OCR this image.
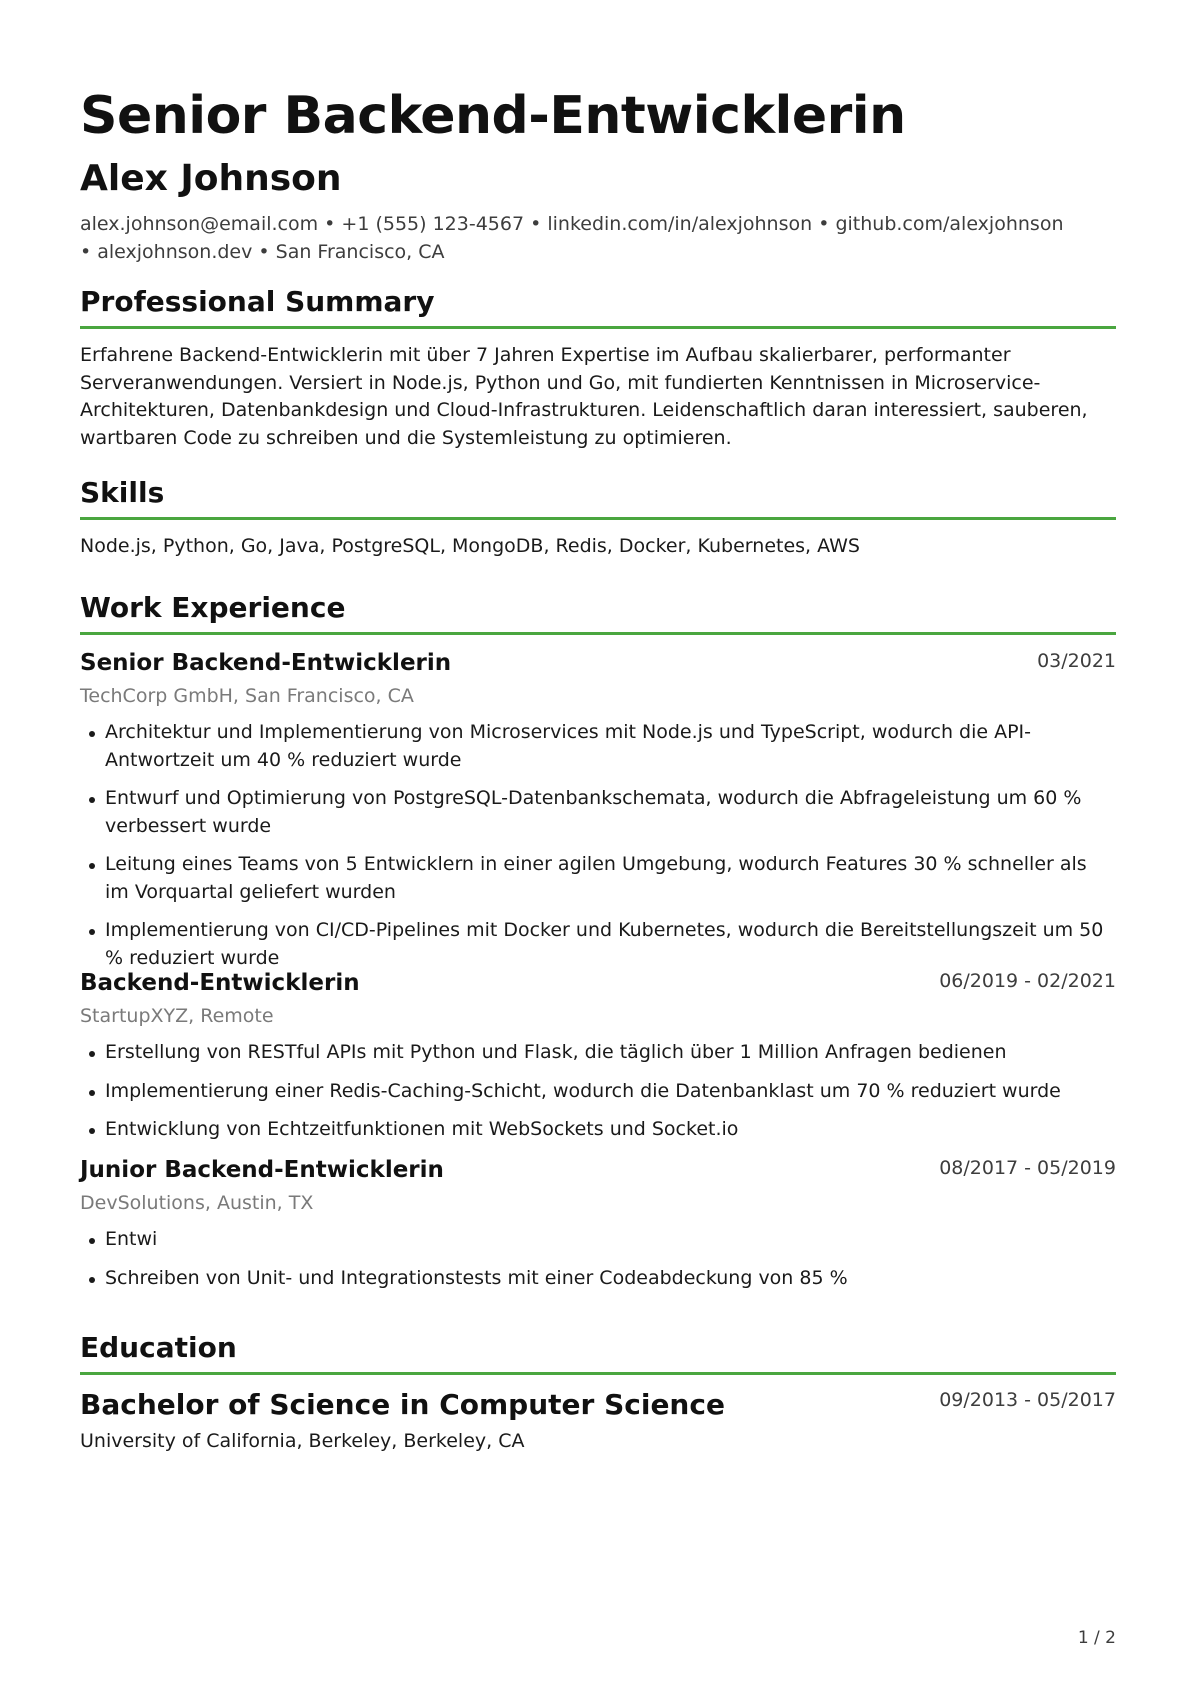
Senior Backend-Entwicklerin
Alex Johnson

alex.johnson@email.com • +1 (555) 123-4567 • linkedin.com/in/alexjohnson • github.com/alexjohnson • alexjohnson.dev • San Francisco, CA

Professional Summary

Erfahrene Backend-Entwicklerin mit über 7 Jahren Expertise im Aufbau skalierbarer, performanter Serveranwendungen. Versiert in Node.js, Python und Go, mit fundierten Kenntnissen in Microservice-Architekturen, Datenbankdesign und Cloud-Infrastrukturen. Leidenschaftlich daran interessiert, sauberen, wartbaren Code zu schreiben und die Systemleistung zu optimieren.

Skills

Node.js, Python, Go, Java, PostgreSQL, MongoDB, Redis, Docker, Kubernetes, AWS

Work Experience

Senior Backend-Entwicklerin	03/2021

TechCorp GmbH, San Francisco, CA

Architektur und Implementierung von Microservices mit Node.js und TypeScript, wodurch die API-Antwortzeit um 40 % reduziert wurde
Entwurf und Optimierung von PostgreSQL-Datenbankschemata, wodurch die Abfrageleistung um 60 % verbessert wurde
Leitung eines Teams von 5 Entwicklern in einer agilen Umgebung, wodurch Features 30 % schneller als im Vorquartal geliefert wurden
Implementierung von CI/CD-Pipelines mit Docker und Kubernetes, wodurch die Bereitstellungszeit um 50 % reduziert wurde

Backend-Entwicklerin	06/2019 - 02/2021

StartupXYZ, Remote

Erstellung von RESTful APIs mit Python und Flask, die täglich über 1 Million Anfragen bedienen
Implementierung einer Redis-Caching-Schicht, wodurch die Datenbanklast um 70 % reduziert wurde
Entwicklung von Echtzeitfunktionen mit WebSockets und Socket.io

Junior Backend-Entwicklerin	08/2017 - 05/2019

DevSolutions, Austin, TX

Entwi
Schreiben von Unit- und Integrationstests mit einer Codeabdeckung von 85 %
Education

Bachelor of Science in Computer Science	09/2013 - 05/2017

University of California, Berkeley, Berkeley, CA

1 / 2
